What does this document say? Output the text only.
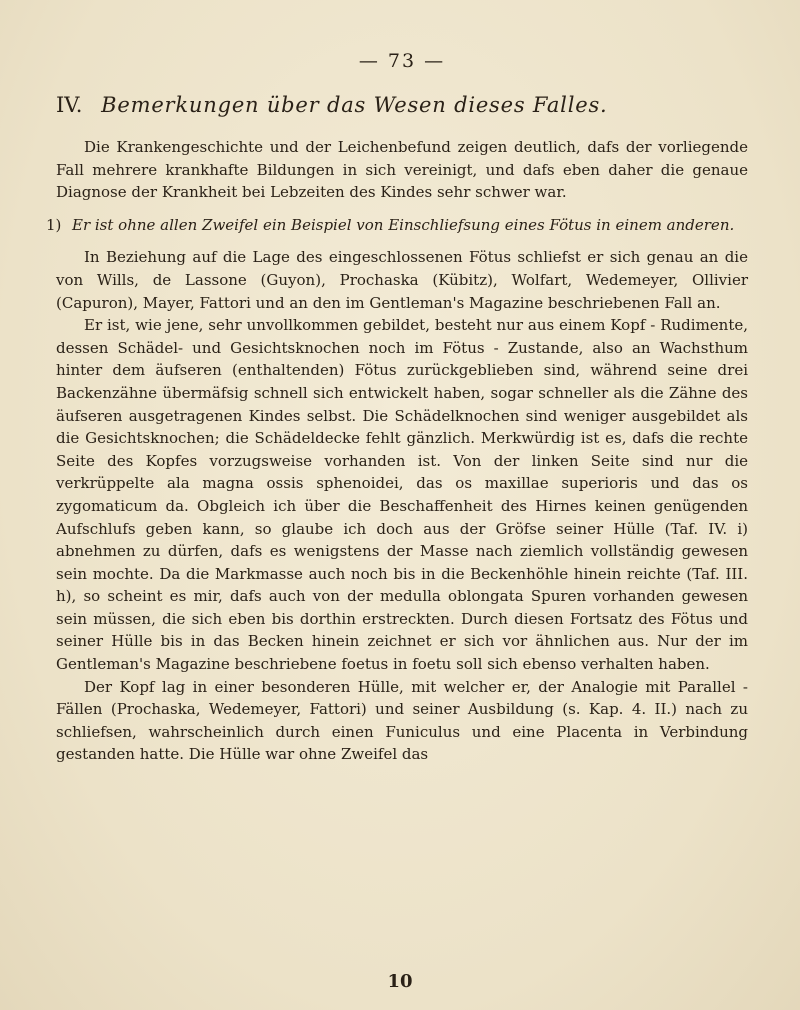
— 73 —
IV. Bemerkungen über das Wesen dieses Falles.

Die Krankengeschichte und der Leichenbefund zeigen deutlich, dafs der vorliegende Fall mehrere krankhafte Bildungen in sich vereinigt, und dafs eben daher die genaue Diagnose der Krankheit bei Lebzeiten des Kindes sehr schwer war.

1) Er ist ohne allen Zweifel ein Beispiel von Einschliefsung eines Fötus in einem anderen.

In Beziehung auf die Lage des eingeschlossenen Fötus schliefst er sich genau an die von Wills, de Lassone (Guyon), Prochaska (Kübitz), Wolfart, Wedemeyer, Ollivier (Capuron), Mayer, Fattori und an den im Gentleman's Magazine beschriebenen Fall an.

Er ist, wie jene, sehr unvollkommen gebildet, besteht nur aus einem Kopf - Rudimente, dessen Schädel- und Gesichtsknochen noch im Fötus - Zustande, also an Wachsthum hinter dem äufseren (enthaltenden) Fötus zurückgeblieben sind, während seine drei Backenzähne übermäfsig schnell sich entwickelt haben, sogar schneller als die Zähne des äufseren ausgetragenen Kindes selbst. Die Schädelknochen sind weniger ausgebildet als die Gesichtsknochen; die Schädeldecke fehlt gänzlich. Merkwürdig ist es, dafs die rechte Seite des Kopfes vorzugsweise vorhanden ist. Von der linken Seite sind nur die verkrüppelte ala magna ossis sphenoidei, das os maxillae superioris und das os zygomaticum da. Obgleich ich über die Beschaffenheit des Hirnes keinen genügenden Aufschlufs geben kann, so glaube ich doch aus der Gröfse seiner Hülle (Taf. IV. i) abnehmen zu dürfen, dafs es wenigstens der Masse nach ziemlich vollständig gewesen sein mochte. Da die Markmasse auch noch bis in die Beckenhöhle hinein reichte (Taf. III. h), so scheint es mir, dafs auch von der medulla oblongata Spuren vorhanden gewesen sein müssen, die sich eben bis dorthin erstreckten. Durch diesen Fortsatz des Fötus und seiner Hülle bis in das Becken hinein zeichnet er sich vor ähnlichen aus. Nur der im Gentleman's Magazine beschriebene foetus in foetu soll sich ebenso verhalten haben.

Der Kopf lag in einer besonderen Hülle, mit welcher er, der Analogie mit Parallel - Fällen (Prochaska, Wedemeyer, Fattori) und seiner Ausbildung (s. Kap. 4. II.) nach zu schliefsen, wahrscheinlich durch einen Funiculus und eine Placenta in Verbindung gestanden hatte. Die Hülle war ohne Zweifel das

10
